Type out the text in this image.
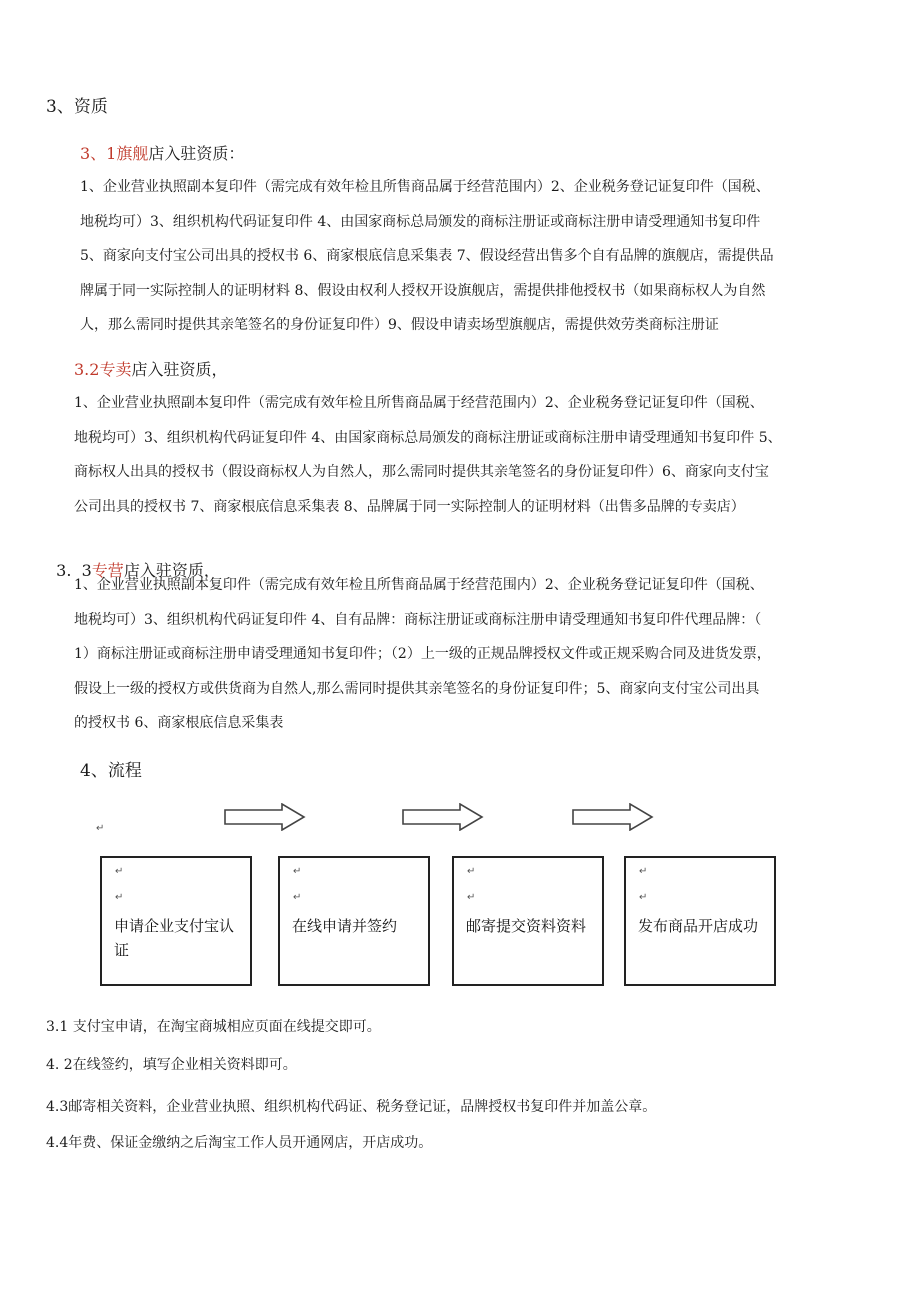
3、资质
3、1旗舰店入驻资质：

1、企业营业执照副本复印件（需完成有效年检且所售商品属于经营范围内）2、企业税务登记证复印件（国税、

地税均可）3、组织机构代码证复印件 4、由国家商标总局颁发的商标注册证或商标注册申请受理通知书复印件

5、商家向支付宝公司出具的授权书 6、商家根底信息采集表 7、假设经营出售多个自有品牌的旗舰店，需提供品

牌属于同一实际控制人的证明材料 8、假设由权利人授权开设旗舰店，需提供排他授权书（如果商标权人为自然

人，那么需同时提供其亲笔签名的身份证复印件）9、假设申请卖场型旗舰店，需提供效劳类商标注册证

3.2专卖店入驻资质，

1、企业营业执照副本复印件（需完成有效年检且所售商品属于经营范围内）2、企业税务登记证复印件（国税、

地税均可）3、组织机构代码证复印件 4、由国家商标总局颁发的商标注册证或商标注册申请受理通知书复印件 5、

商标权人出具的授权书（假设商标权人为自然人，那么需同时提供其亲笔签名的身份证复印件）6、商家向支付宝

公司出具的授权书 7、商家根底信息采集表 8、品牌属于同一实际控制人的证明材料（出售多品牌的专卖店）

3.  3专营店入驻资质，

1、企业营业执照副本复印件（需完成有效年检且所售商品属于经营范围内）2、企业税务登记证复印件（国税、

地税均可）3、组织机构代码证复印件 4、自有品牌：商标注册证或商标注册申请受理通知书复印件代理品牌：（

1）商标注册证或商标注册申请受理通知书复印件；（2）上一级的正规品牌授权文件或正规采购合同及进货发票，

假设上一级的授权方或供货商为自然人,那么需同时提供其亲笔签名的身份证复印件；5、商家向支付宝公司出具

的授权书 6、商家根底信息采集表

4、流程
↵
↵
↵
申请企业支付宝认证
↵
↵
在线申请并签约
↵
↵
邮寄提交资料资料
↵
↵
发布商品开店成功
3.1 支付宝申请，在淘宝商城相应页面在线提交即可。
4. 2在线签约，填写企业相关资料即可。
4.3邮寄相关资料，企业营业执照、组织机构代码证、税务登记证，品牌授权书复印件并加盖公章。
4.4年费、保证金缴纳之后淘宝工作人员开通网店，开店成功。
